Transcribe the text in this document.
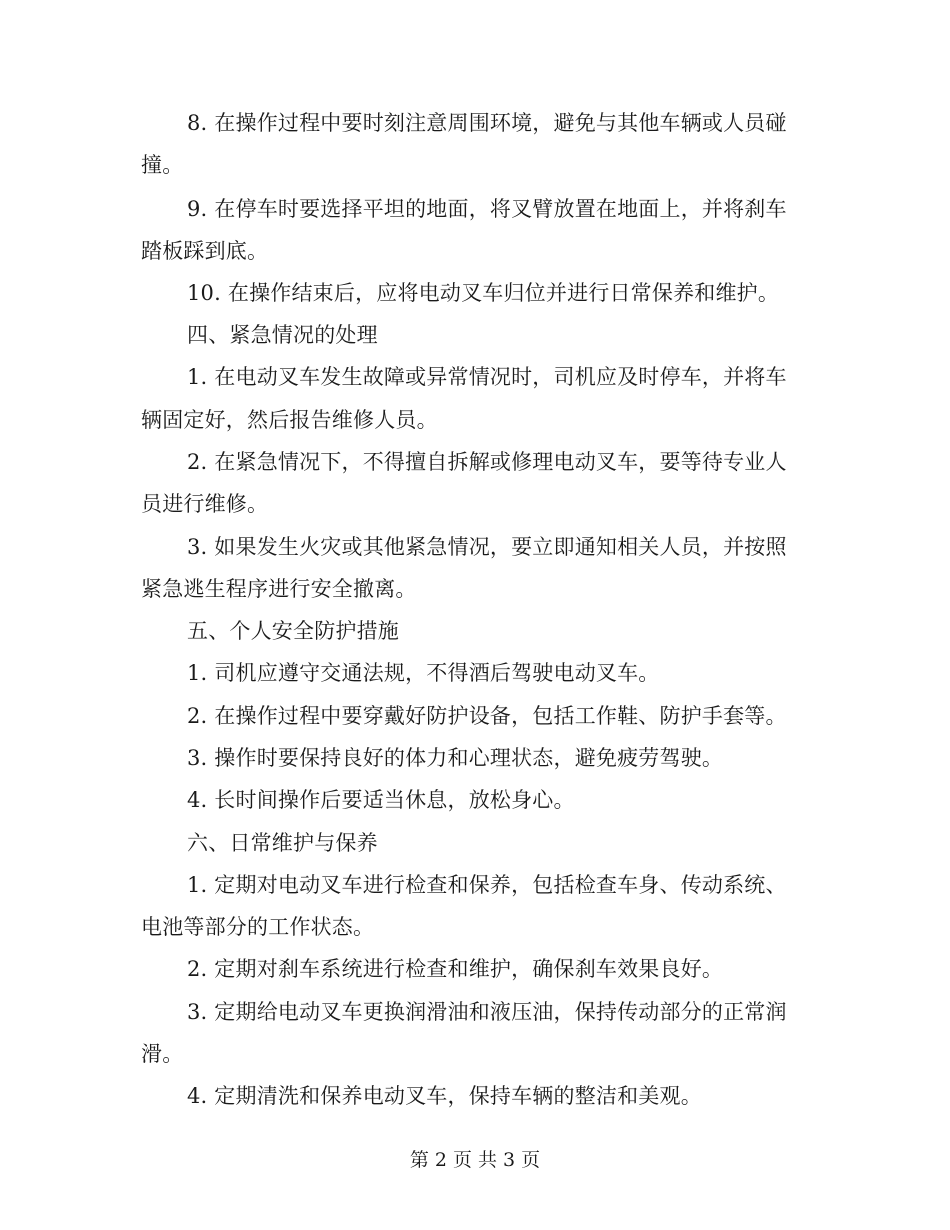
8. 在操作过程中要时刻注意周围环境，避免与其他车辆或人员碰
撞。
9. 在停车时要选择平坦的地面，将叉臂放置在地面上，并将刹车
踏板踩到底。
10. 在操作结束后，应将电动叉车归位并进行日常保养和维护。
四、紧急情况的处理
1. 在电动叉车发生故障或异常情况时，司机应及时停车，并将车
辆固定好，然后报告维修人员。
2. 在紧急情况下，不得擅自拆解或修理电动叉车，要等待专业人
员进行维修。
3. 如果发生火灾或其他紧急情况，要立即通知相关人员，并按照
紧急逃生程序进行安全撤离。
五、个人安全防护措施
1. 司机应遵守交通法规，不得酒后驾驶电动叉车。
2. 在操作过程中要穿戴好防护设备，包括工作鞋、防护手套等。
3. 操作时要保持良好的体力和心理状态，避免疲劳驾驶。
4. 长时间操作后要适当休息，放松身心。
六、日常维护与保养
1. 定期对电动叉车进行检查和保养，包括检查车身、传动系统、
电池等部分的工作状态。
2. 定期对刹车系统进行检查和维护，确保刹车效果良好。
3. 定期给电动叉车更换润滑油和液压油，保持传动部分的正常润
滑。
4. 定期清洗和保养电动叉车，保持车辆的整洁和美观。
第 2 页 共 3 页
